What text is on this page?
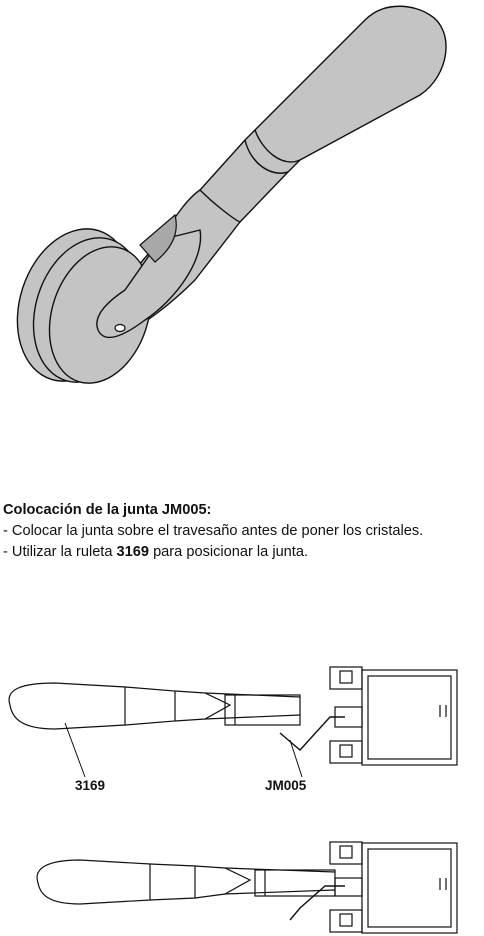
Colocación de la junta JM005:

- Colocar la junta sobre el travesaño antes de poner los cristales.

- Utilizar la ruleta 3169 para posicionar la junta.

3169	JM005
